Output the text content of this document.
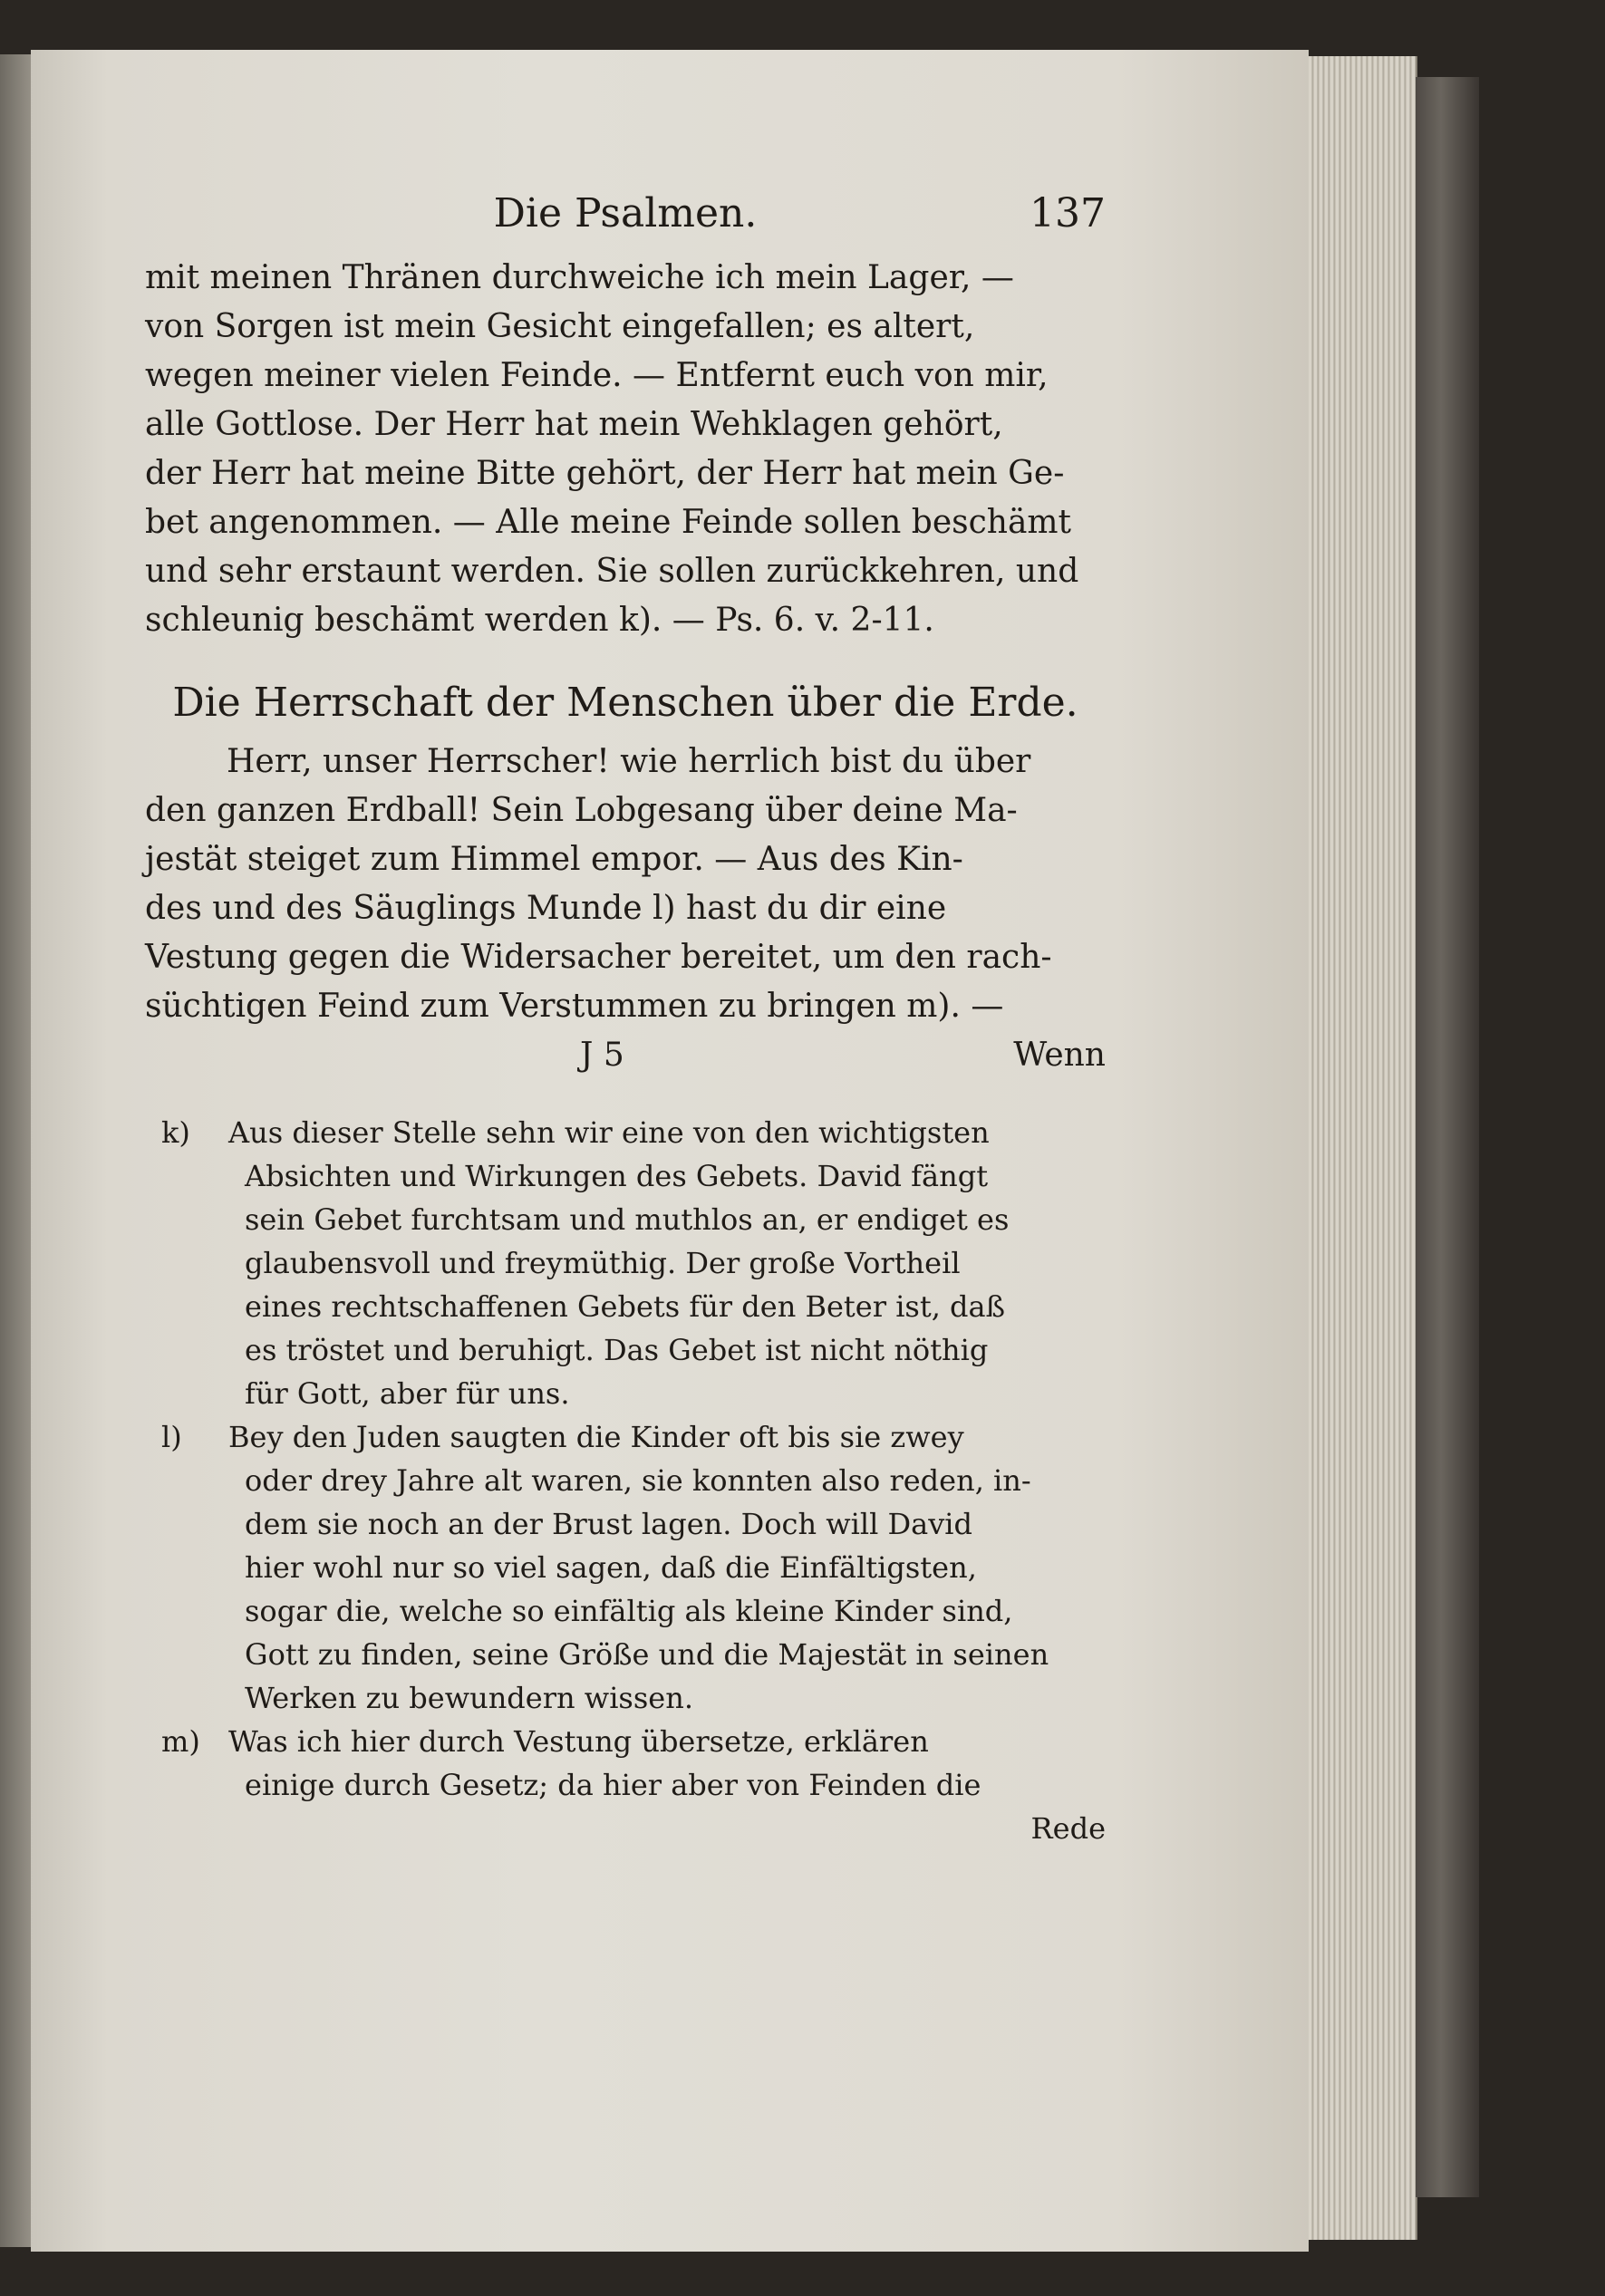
Die Psalmen.	137
mit meinen Thränen durchweiche ich mein Lager, —
von Sorgen ist mein Gesicht eingefallen; es altert,
wegen meiner vielen Feinde. — Entfernt euch von mir,
alle Gottlose. Der Herr hat mein Wehklagen gehört,
der Herr hat meine Bitte gehört, der Herr hat mein Ge-
bet angenommen. — Alle meine Feinde sollen beschämt
und sehr erstaunt werden. Sie sollen zurückkehren, und
schleunig beschämt werden k). — Ps. 6. v. 2-11.
Die Herrschaft der Menschen über die Erde.
Herr, unser Herrscher! wie herrlich bist du über
den ganzen Erdball! Sein Lobgesang über deine Ma-
jestät steiget zum Himmel empor. — Aus des Kin-
des und des Säuglings Munde l) hast du dir eine
Vestung gegen die Widersacher bereitet, um den rach-
süchtigen Feind zum Verstummen zu bringen m). —
J 5	Wenn
k) Aus dieser Stelle sehn wir eine von den wichtigsten
Absichten und Wirkungen des Gebets. David fängt
sein Gebet furchtsam und muthlos an, er endiget es
glaubensvoll und freymüthig. Der große Vortheil
eines rechtschaffenen Gebets für den Beter ist, daß
es tröstet und beruhigt. Das Gebet ist nicht nöthig
für Gott, aber für uns.
l) Bey den Juden saugten die Kinder oft bis sie zwey
oder drey Jahre alt waren, sie konnten also reden, in-
dem sie noch an der Brust lagen. Doch will David
hier wohl nur so viel sagen, daß die Einfältigsten,
sogar die, welche so einfältig als kleine Kinder sind,
Gott zu finden, seine Größe und die Majestät in seinen
Werken zu bewundern wissen.
m) Was ich hier durch Vestung übersetze, erklären
einige durch Gesetz; da hier aber von Feinden die
Rede
